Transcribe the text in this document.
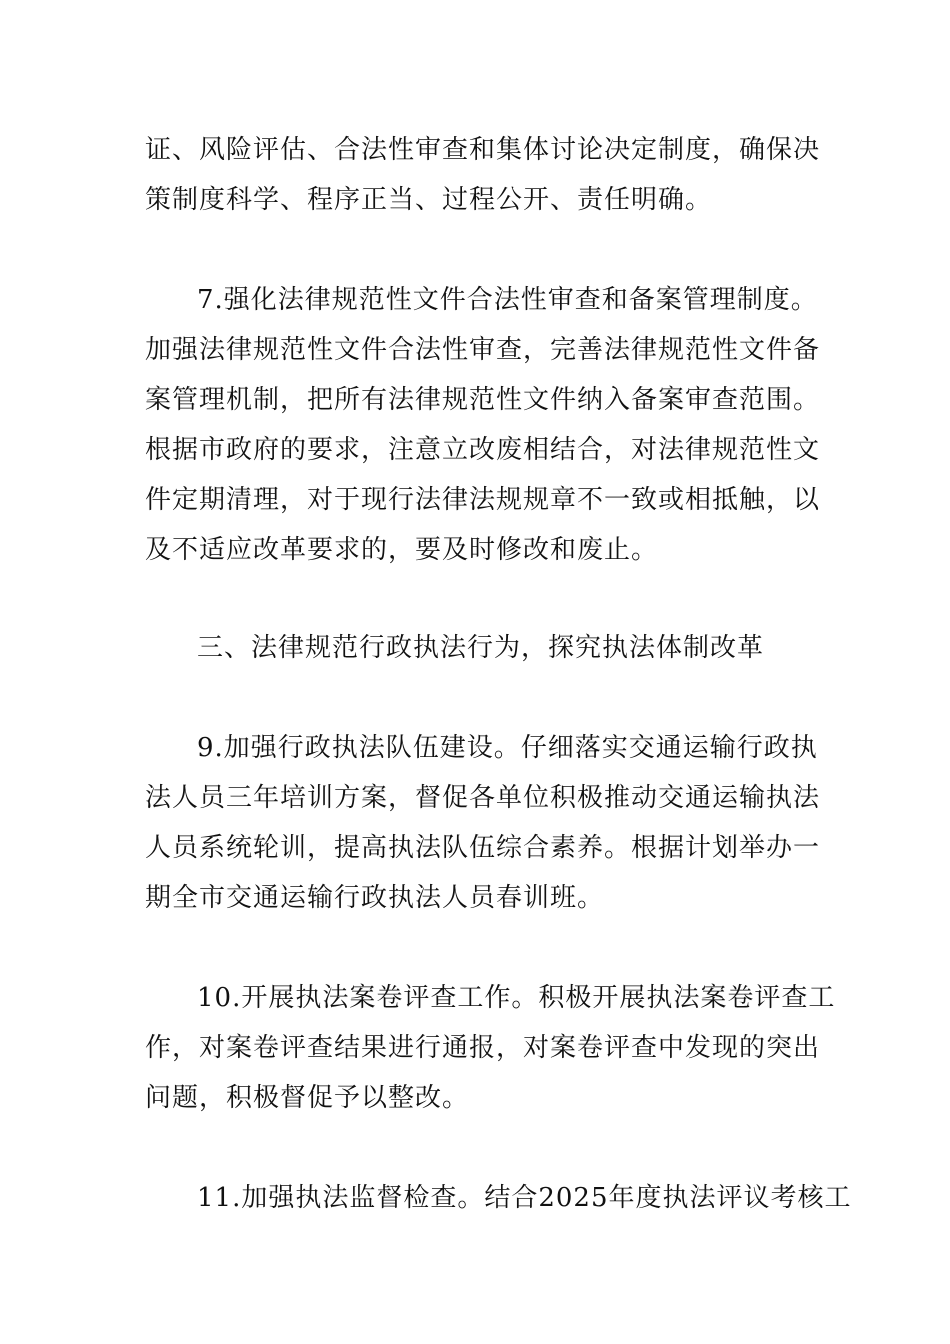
证、风险评估、合法性审查和集体讨论决定制度，确保决
策制度科学、程序正当、过程公开、责任明确。
7.强化法律规范性文件合法性审查和备案管理制度。
加强法律规范性文件合法性审查，完善法律规范性文件备
案管理机制，把所有法律规范性文件纳入备案审查范围。
根据市政府的要求，注意立改废相结合，对法律规范性文
件定期清理，对于现行法律法规规章不一致或相抵触，以
及不适应改革要求的，要及时修改和废止。
三、法律规范行政执法行为，探究执法体制改革
9.加强行政执法队伍建设。仔细落实交通运输行政执
法人员三年培训方案，督促各单位积极推动交通运输执法
人员系统轮训，提高执法队伍综合素养。根据计划举办一
期全市交通运输行政执法人员春训班。
10.开展执法案卷评查工作。积极开展执法案卷评查工
作，对案卷评查结果进行通报，对案卷评查中发现的突出
问题，积极督促予以整改。
11.加强执法监督检查。结合2025年度执法评议考核工
